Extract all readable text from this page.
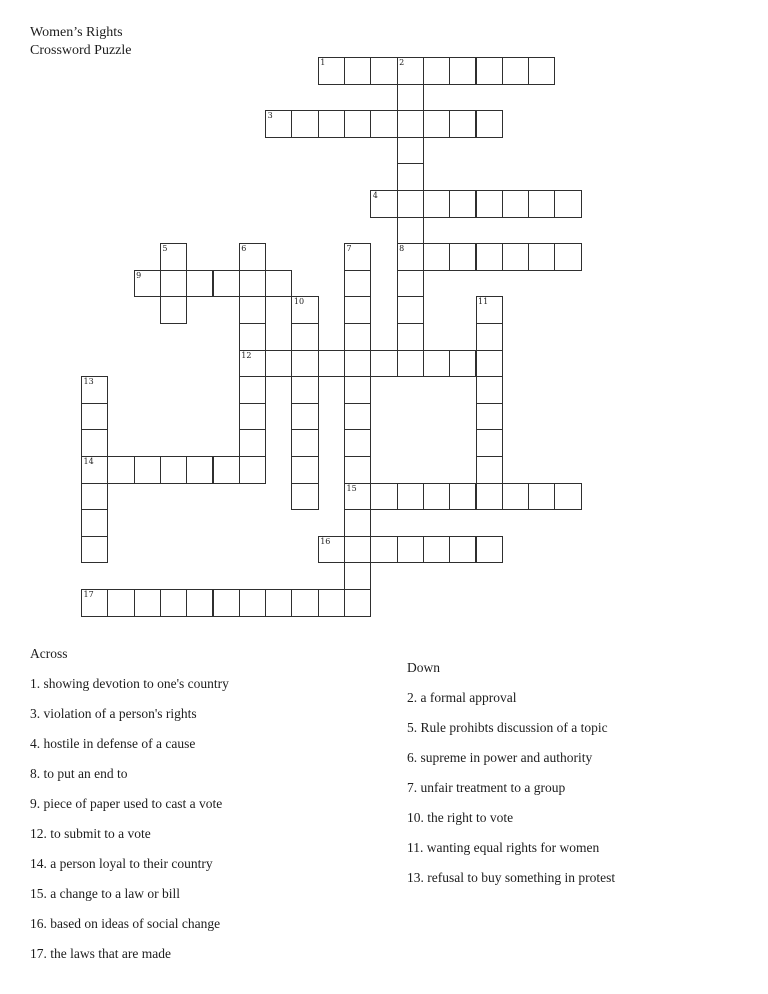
Women’s Rights
Crossword Puzzle
1	2
8
3
4
5	6
12
7
15
9
10	11
13
14
16
17
Across
1. showing devotion to one's country
3. violation of a person's rights
4. hostile in defense of a cause
8. to put an end to
9. piece of paper used to cast a vote
12. to submit to a vote
14. a person loyal to their country
15. a change to a law or bill
16. based on ideas of social change
17. the laws that are made
Down
2. a formal approval
5. Rule prohibts discussion of a topic
6. supreme in power and authority
7. unfair treatment to a group
10. the right to vote
11. wanting equal rights for women
13. refusal to buy something in protest
